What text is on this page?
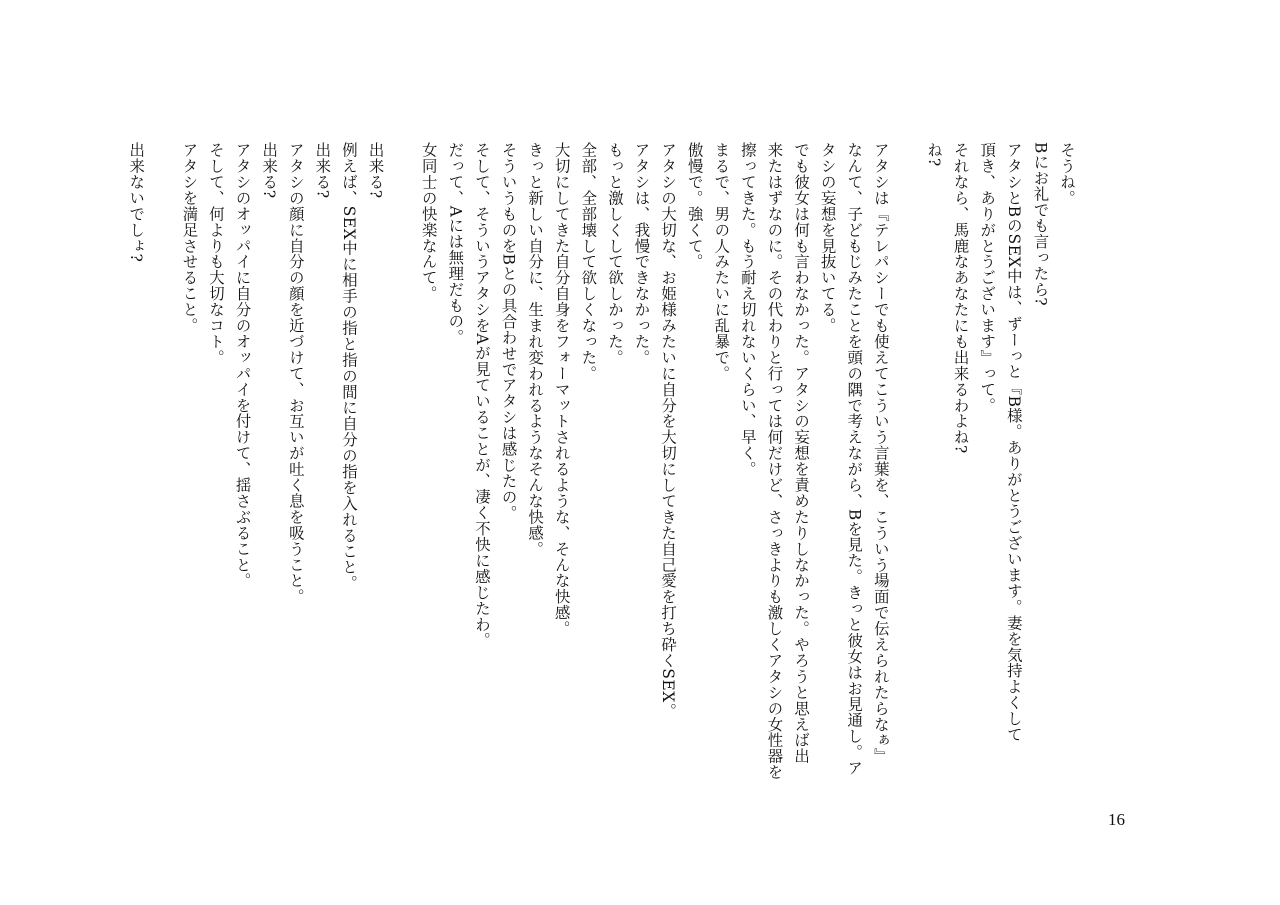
そうね。
Bにお礼でも言ったら?
アタシとBのSEX中は、ずーっと『B様。ありがとうございます。妻を気持よくして
頂き、ありがとうございます』って。
それなら、馬鹿なあなたにも出来るわよね?
ね?
アタシは『テレパシーでも使えてこういう言葉を、こういう場面で伝えられたらなぁ』
なんて、子どもじみたことを頭の隅で考えながら、Bを見た。きっと彼女はお見通し。ア
タシの妄想を見抜いてる。
でも彼女は何も言わなかった。アタシの妄想を責めたりしなかった。やろうと思えば出
来たはずなのに。その代わりと行っては何だけど、さっきよりも激しくアタシの女性器を
擦ってきた。もう耐え切れないくらい、早く。
まるで、男の人みたいに乱暴で。
傲慢で。強くて。
アタシの大切な、お姫様みたいに自分を大切にしてきた自己愛を打ち砕くSEX。
アタシは、我慢できなかった。
もっと激しくして欲しかった。
全部、全部壊して欲しくなった。
大切にしてきた自分自身をフォーマットされるような、そんな快感。
きっと新しい自分に、生まれ変われるようなそんな快感。
そういうものをBとの具合わせでアタシは感じたの。
そして、そういうアタシをAが見ていることが、凄く不快に感じたわ。
だって、Aには無理だもの。
女同士の快楽なんて。
出来る?
例えば、SEX中に相手の指と指の間に自分の指を入れること。
出来る?
アタシの顔に自分の顔を近づけて、お互いが吐く息を吸うこと。
出来る?
アタシのオッパイに自分のオッパイを付けて、揺さぶること。
そして、何よりも大切なコト。
アタシを満足させること。
出来ないでしょ?
16
